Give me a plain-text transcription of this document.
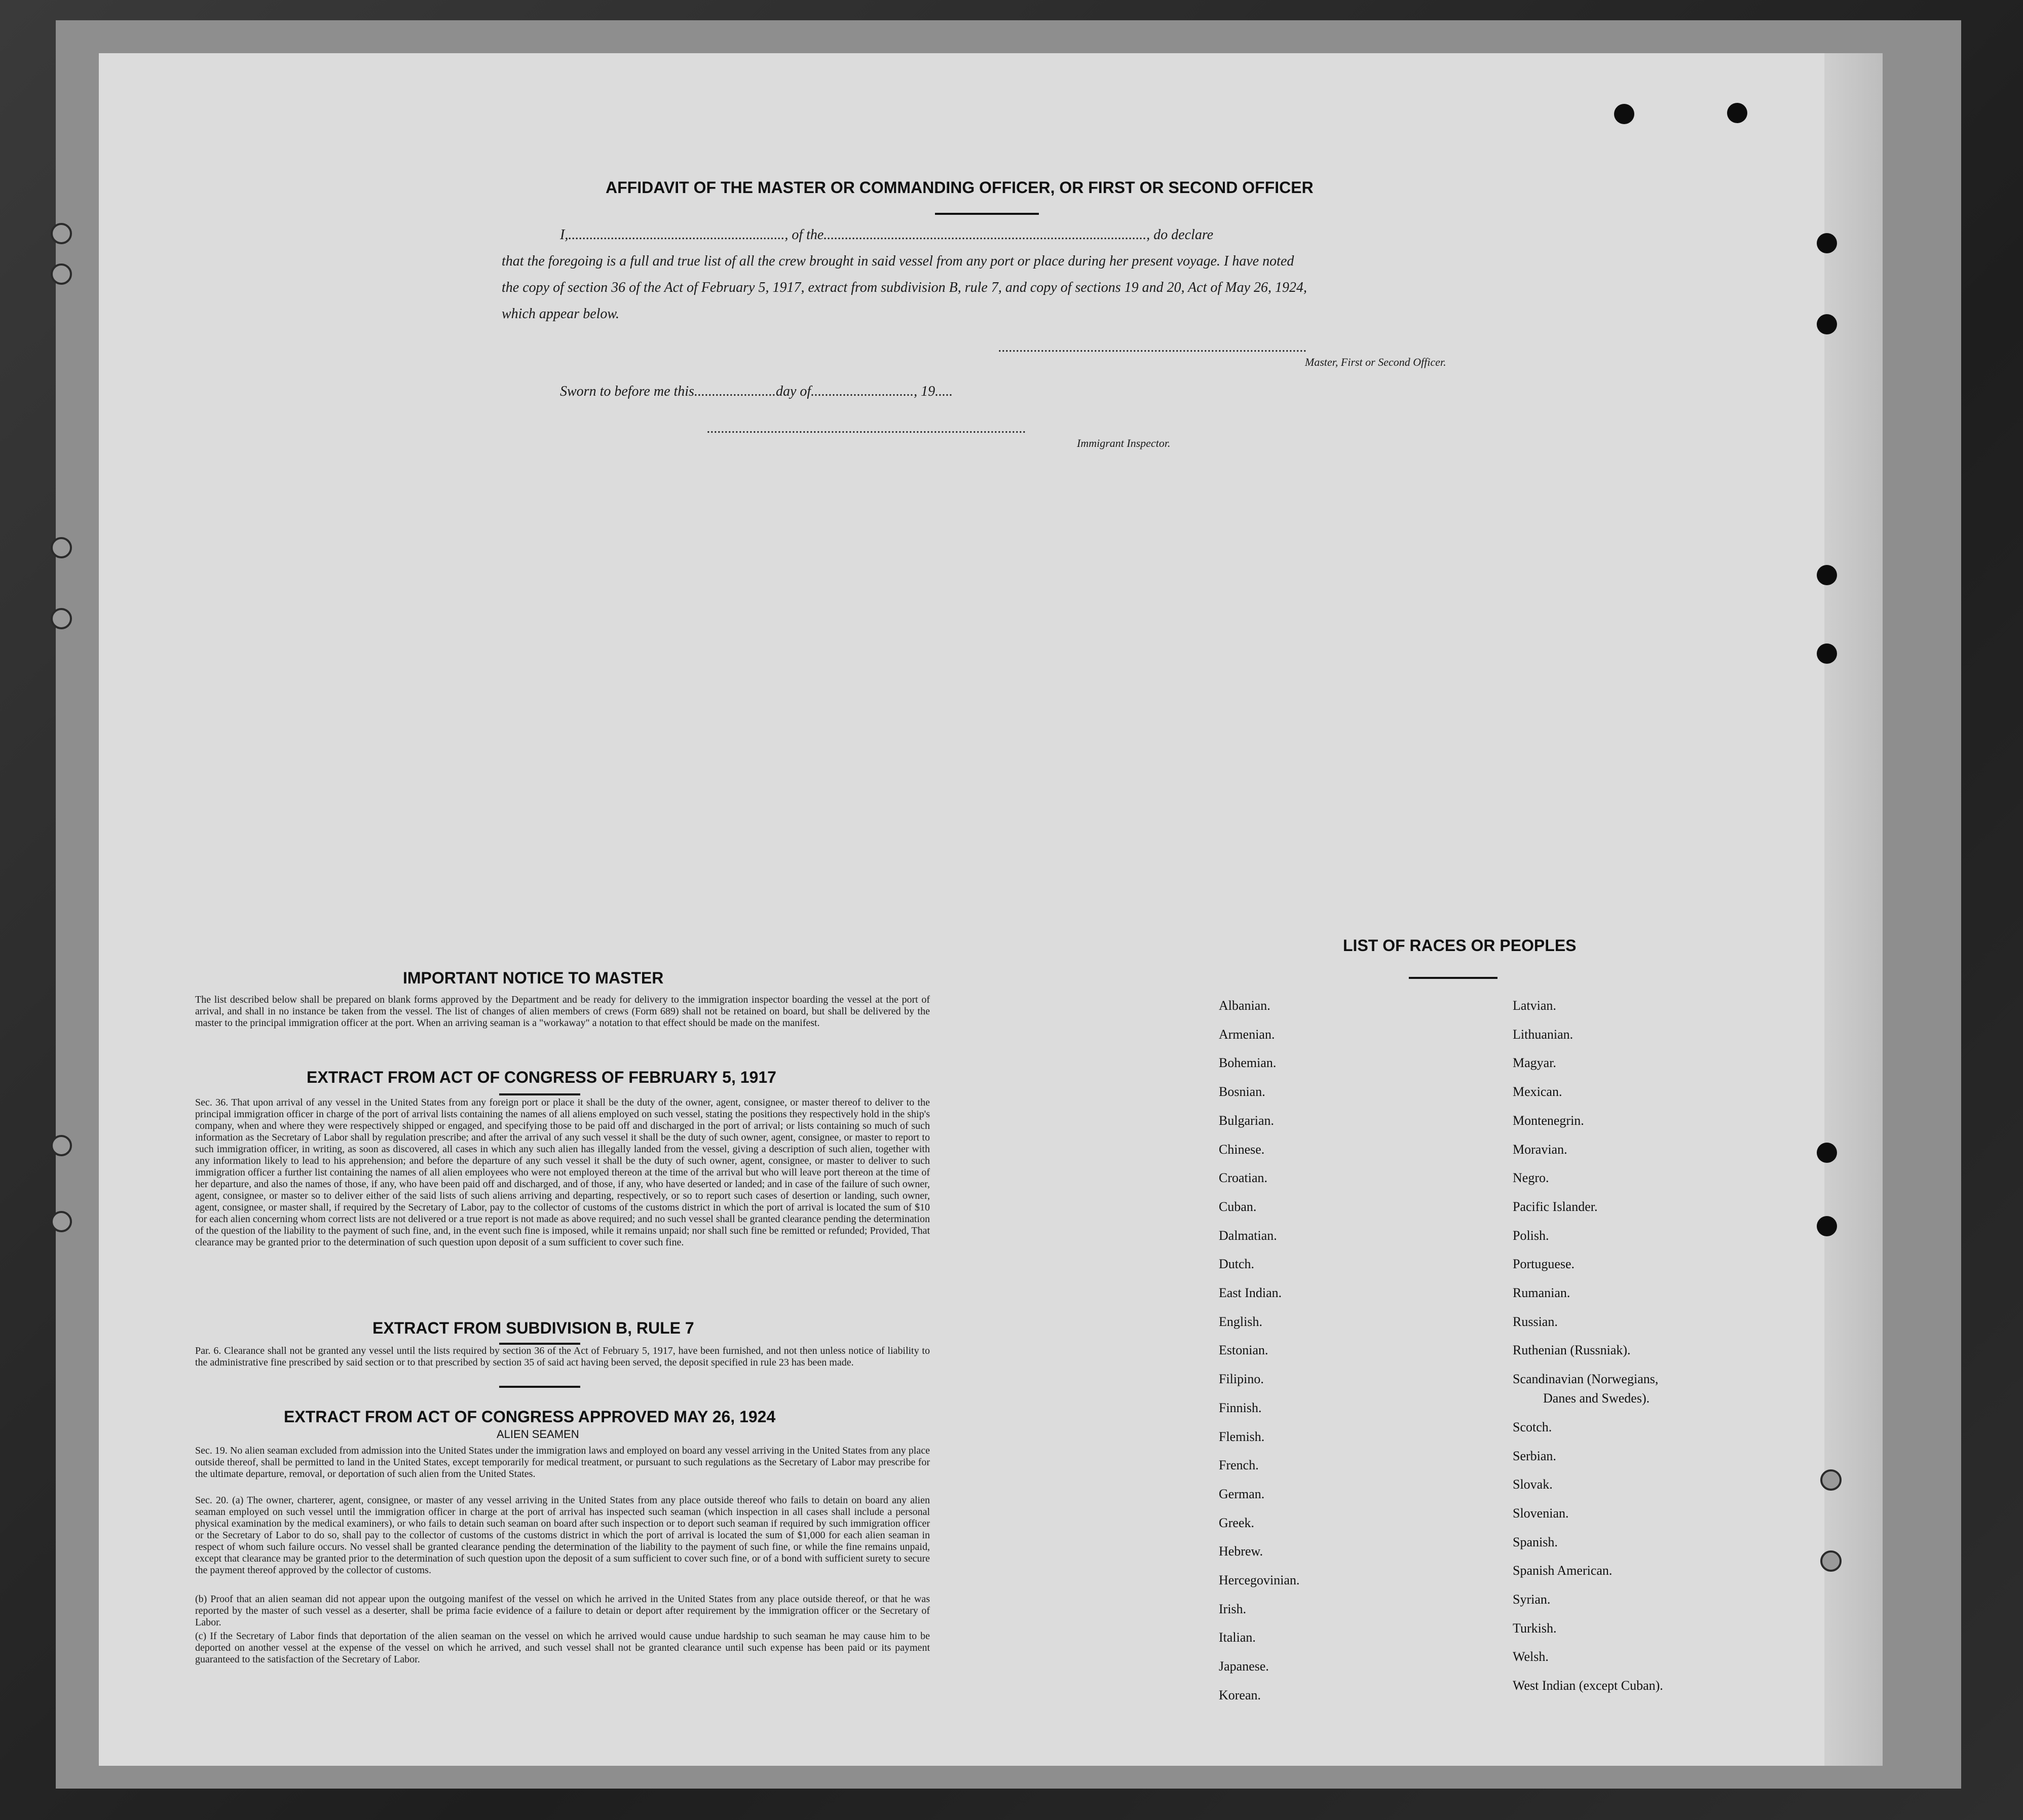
AFFIDAVIT OF THE MASTER OR COMMANDING OFFICER, OR FIRST OR SECOND OFFICER
I,............................................................., of the..........................................................................................., do declare
that the foregoing is a full and true list of all the crew brought in said vessel from any port or place during her present voyage. I have noted
the copy of section 36 of the Act of February 5, 1917, extract from subdivision B, rule 7, and copy of sections 19 and 20, Act of May 26, 1924,
which appear below.
.......................................................................................
Master, First or Second Officer.
Sworn to before me this.......................day of............................., 19.....
..........................................................................................
Immigrant Inspector.
IMPORTANT NOTICE TO MASTER
The list described below shall be prepared on blank forms approved by the Department and be ready for delivery to the immigration inspector boarding the vessel at the port of arrival, and shall in no instance be taken from the vessel. The list of changes of alien members of crews (Form 689) shall not be retained on board, but shall be delivered by the master to the principal immigration officer at the port. When an arriving seaman is a "workaway" a notation to that effect should be made on the manifest.
EXTRACT FROM ACT OF CONGRESS OF FEBRUARY 5, 1917
Sec. 36. That upon arrival of any vessel in the United States from any foreign port or place it shall be the duty of the owner, agent, consignee, or master thereof to deliver to the principal immigration officer in charge of the port of arrival lists containing the names of all aliens employed on such vessel, stating the positions they respectively hold in the ship's company, when and where they were respectively shipped or engaged, and specifying those to be paid off and discharged in the port of arrival; or lists containing so much of such information as the Secretary of Labor shall by regulation prescribe; and after the arrival of any such vessel it shall be the duty of such owner, agent, consignee, or master to report to such immigration officer, in writing, as soon as discovered, all cases in which any such alien has illegally landed from the vessel, giving a description of such alien, together with any information likely to lead to his apprehension; and before the departure of any such vessel it shall be the duty of such owner, agent, consignee, or master to deliver to such immigration officer a further list containing the names of all alien employees who were not employed thereon at the time of the arrival but who will leave port thereon at the time of her departure, and also the names of those, if any, who have been paid off and discharged, and of those, if any, who have deserted or landed; and in case of the failure of such owner, agent, consignee, or master so to deliver either of the said lists of such aliens arriving and departing, respectively, or so to report such cases of desertion or landing, such owner, agent, consignee, or master shall, if required by the Secretary of Labor, pay to the collector of customs of the customs district in which the port of arrival is located the sum of $10 for each alien concerning whom correct lists are not delivered or a true report is not made as above required; and no such vessel shall be granted clearance pending the determination of the question of the liability to the payment of such fine, and, in the event such fine is imposed, while it remains unpaid; nor shall such fine be remitted or refunded; Provided, That clearance may be granted prior to the determination of such question upon deposit of a sum sufficient to cover such fine.
EXTRACT FROM SUBDIVISION B, RULE 7
Par. 6. Clearance shall not be granted any vessel until the lists required by section 36 of the Act of February 5, 1917, have been furnished, and not then unless notice of liability to the administrative fine prescribed by said section or to that prescribed by section 35 of said act having been served, the deposit specified in rule 23 has been made.
EXTRACT FROM ACT OF CONGRESS APPROVED MAY 26, 1924
ALIEN SEAMEN
Sec. 19. No alien seaman excluded from admission into the United States under the immigration laws and employed on board any vessel arriving in the United States from any place outside thereof, shall be permitted to land in the United States, except temporarily for medical treatment, or pursuant to such regulations as the Secretary of Labor may prescribe for the ultimate departure, removal, or deportation of such alien from the United States.
Sec. 20. (a) The owner, charterer, agent, consignee, or master of any vessel arriving in the United States from any place outside thereof who fails to detain on board any alien seaman employed on such vessel until the immigration officer in charge at the port of arrival has inspected such seaman (which inspection in all cases shall include a personal physical examination by the medical examiners), or who fails to detain such seaman on board after such inspection or to deport such seaman if required by such immigration officer or the Secretary of Labor to do so, shall pay to the collector of customs of the customs district in which the port of arrival is located the sum of $1,000 for each alien seaman in respect of whom such failure occurs. No vessel shall be granted clearance pending the determination of the liability to the payment of such fine, or while the fine remains unpaid, except that clearance may be granted prior to the determination of such question upon the deposit of a sum sufficient to cover such fine, or of a bond with sufficient surety to secure the payment thereof approved by the collector of customs.
(b) Proof that an alien seaman did not appear upon the outgoing manifest of the vessel on which he arrived in the United States from any place outside thereof, or that he was reported by the master of such vessel as a deserter, shall be prima facie evidence of a failure to detain or deport after requirement by the immigration officer or the Secretary of Labor.
(c) If the Secretary of Labor finds that deportation of the alien seaman on the vessel on which he arrived would cause undue hardship to such seaman he may cause him to be deported on another vessel at the expense of the vessel on which he arrived, and such vessel shall not be granted clearance until such expense has been paid or its payment guaranteed to the satisfaction of the Secretary of Labor.
LIST OF RACES OR PEOPLES
Albanian.
Armenian.
Bohemian.
Bosnian.
Bulgarian.
Chinese.
Croatian.
Cuban.
Dalmatian.
Dutch.
East Indian.
English.
Estonian.
Filipino.
Finnish.
Flemish.
French.
German.
Greek.
Hebrew.
Hercegovinian.
Irish.
Italian.
Japanese.
Korean.
Latvian.
Lithuanian.
Magyar.
Mexican.
Montenegrin.
Moravian.
Negro.
Pacific Islander.
Polish.
Portuguese.
Rumanian.
Russian.
Ruthenian (Russniak).
Scandinavian (Norwegians,
Danes and Swedes).
Scotch.
Serbian.
Slovak.
Slovenian.
Spanish.
Spanish American.
Syrian.
Turkish.
Welsh.
West Indian (except Cuban).
